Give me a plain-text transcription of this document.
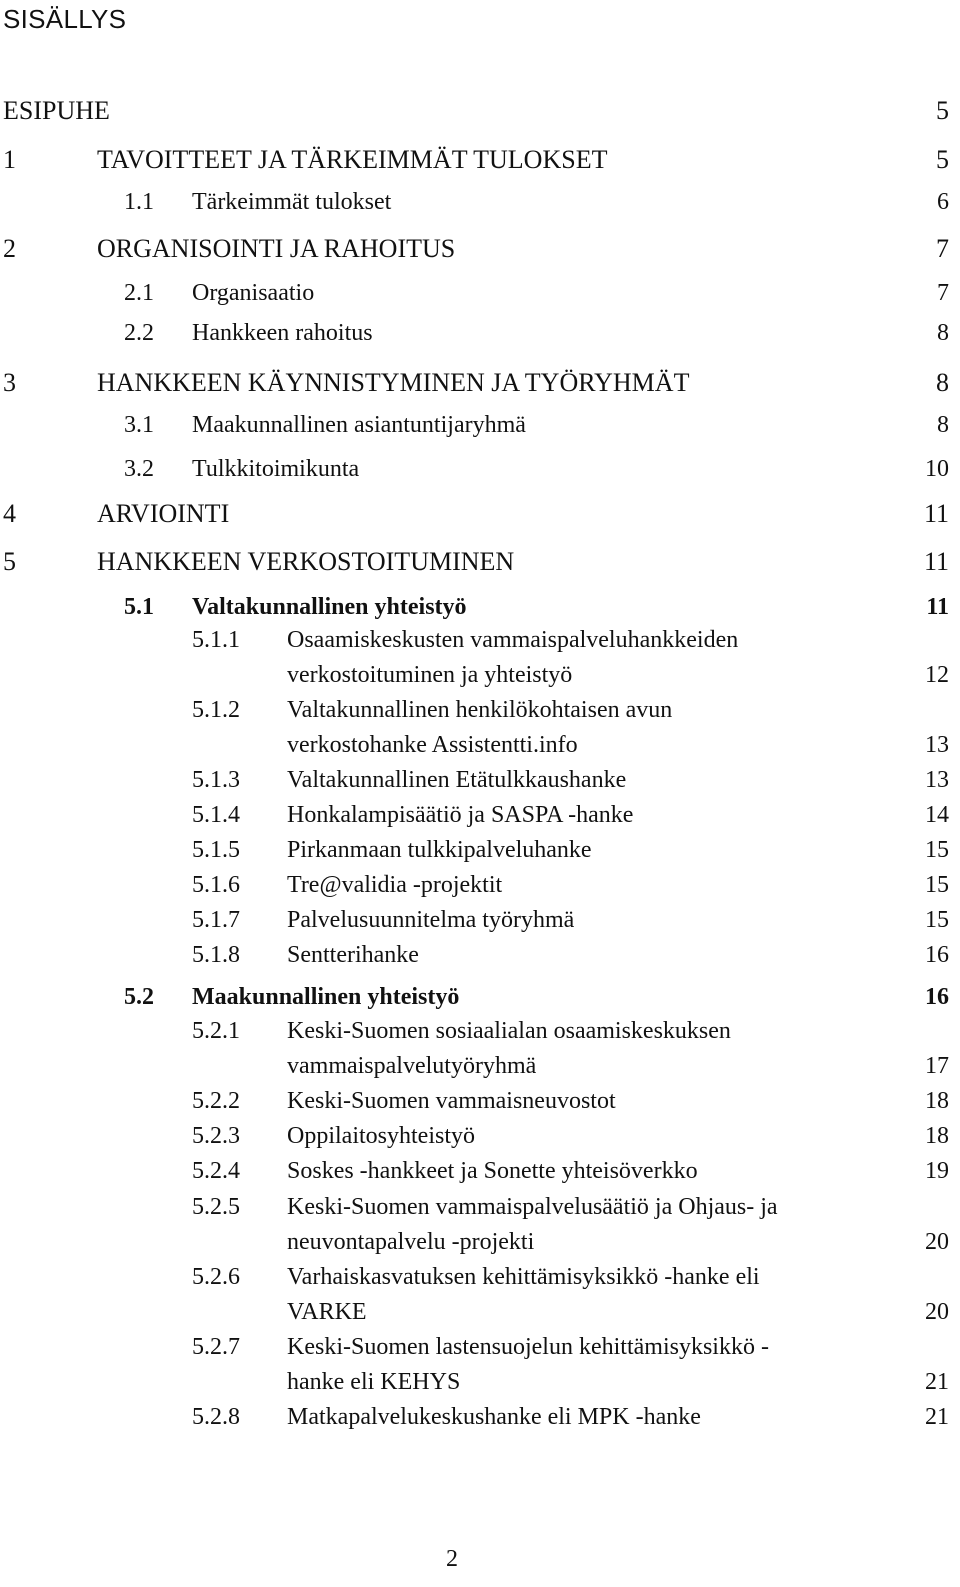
SISÄLLYS
ESIPUHE	5
1	TAVOITTEET JA TÄRKEIMMÄT TULOKSET	5
1.1 Tärkeimmät tulokset	6
2	ORGANISOINTI JA RAHOITUS	7
2.1 Organisaatio	7
2.2 Hankkeen rahoitus	8
3	HANKKEEN KÄYNNISTYMINEN JA TYÖRYHMÄT	8
3.1 Maakunnallinen asiantuntijaryhmä	8
3.2 Tulkkitoimikunta	10
4	ARVIOINTI	11
5	HANKKEEN VERKOSTOITUMINEN	11
5.1 Valtakunnallinen yhteistyö	11
5.1.1 Osaamiskeskusten vammaispalveluhankkeiden
verkostoituminen ja yhteistyö	12
5.1.2 Valtakunnallinen henkilökohtaisen avun
verkostohanke Assistentti.info	13
5.1.3 Valtakunnallinen Etätulkkaushanke	13
5.1.4 Honkalampisäätiö ja SASPA -hanke	14
5.1.5 Pirkanmaan tulkkipalveluhanke	15
5.1.6 Tre@validia -projektit	15
5.1.7 Palvelusuunnitelma työryhmä	15
5.1.8 Sentterihanke	16
5.2 Maakunnallinen yhteistyö	16
5.2.1 Keski-Suomen sosiaalialan osaamiskeskuksen
vammaispalvelutyöryhmä	17
5.2.2 Keski-Suomen vammaisneuvostot	18
5.2.3 Oppilaitosyhteistyö	18
5.2.4 Soskes -hankkeet ja Sonette yhteisöverkko	19
5.2.5 Keski-Suomen vammaispalvelusäätiö ja Ohjaus- ja
neuvontapalvelu -projekti	20
5.2.6 Varhaiskasvatuksen kehittämisyksikkö -hanke eli
VARKE	20
5.2.7 Keski-Suomen lastensuojelun kehittämisyksikkö -
hanke eli KEHYS	21
5.2.8 Matkapalvelukeskushanke eli MPK -hanke	21
2
